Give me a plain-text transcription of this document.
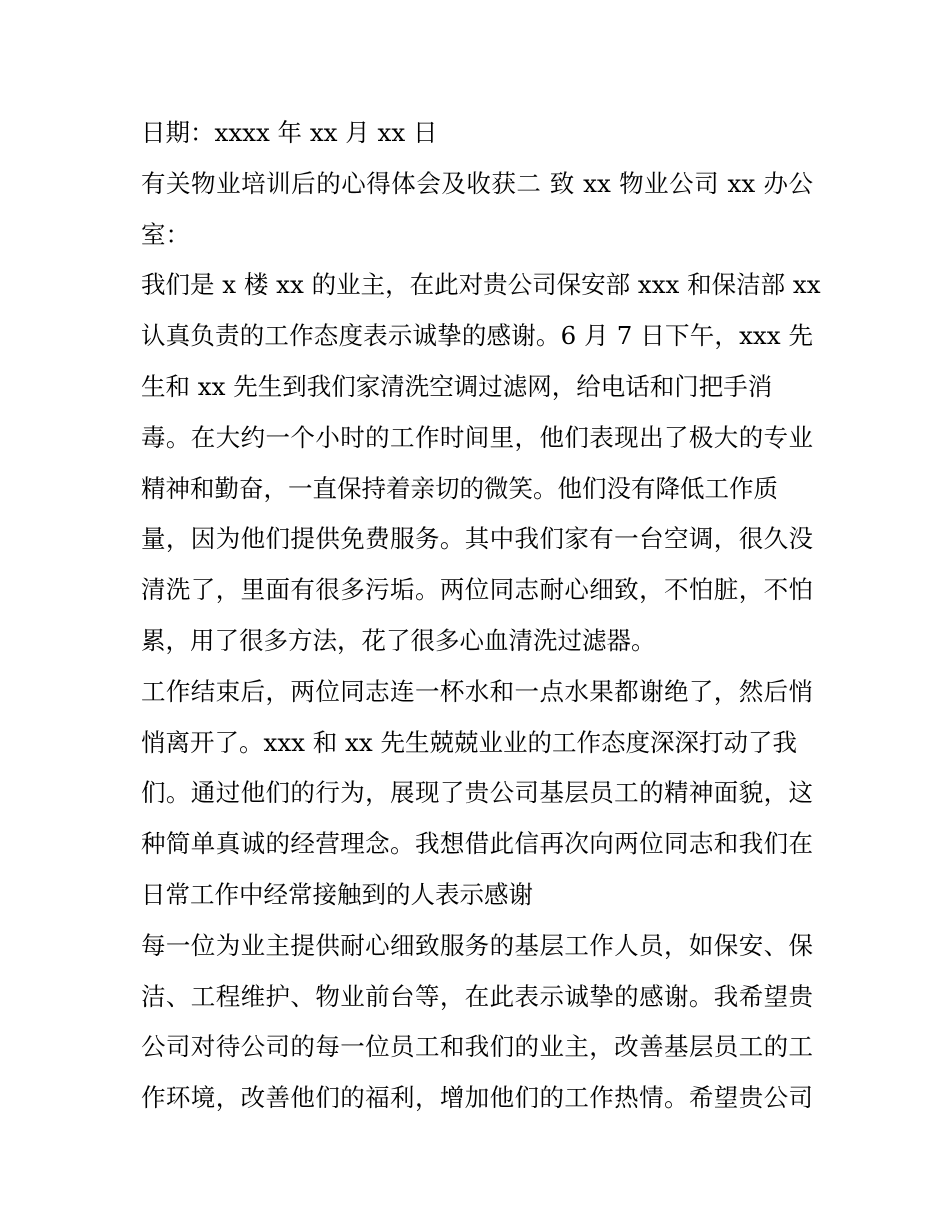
日期：xxxx 年 xx 月 xx 日
有关物业培训后的心得体会及收获二 致 xx 物业公司 xx 办公
室：
我们是 x 楼 xx 的业主，在此对贵公司保安部 xxx 和保洁部 xx
认真负责的工作态度表示诚挚的感谢。6 月 7 日下午，xxx 先
生和 xx 先生到我们家清洗空调过滤网，给电话和门把手消
毒。在大约一个小时的工作时间里，他们表现出了极大的专业
精神和勤奋，一直保持着亲切的微笑。他们没有降低工作质
量，因为他们提供免费服务。其中我们家有一台空调，很久没
清洗了，里面有很多污垢。两位同志耐心细致，不怕脏，不怕
累，用了很多方法，花了很多心血清洗过滤器。
工作结束后，两位同志连一杯水和一点水果都谢绝了，然后悄
悄离开了。xxx 和 xx 先生兢兢业业的工作态度深深打动了我
们。通过他们的行为，展现了贵公司基层员工的精神面貌，这
种简单真诚的经营理念。我想借此信再次向两位同志和我们在
日常工作中经常接触到的人表示感谢
每一位为业主提供耐心细致服务的基层工作人员，如保安、保
洁、工程维护、物业前台等，在此表示诚挚的感谢。我希望贵
公司对待公司的每一位员工和我们的业主，改善基层员工的工
作环境，改善他们的福利，增加他们的工作热情。希望贵公司
